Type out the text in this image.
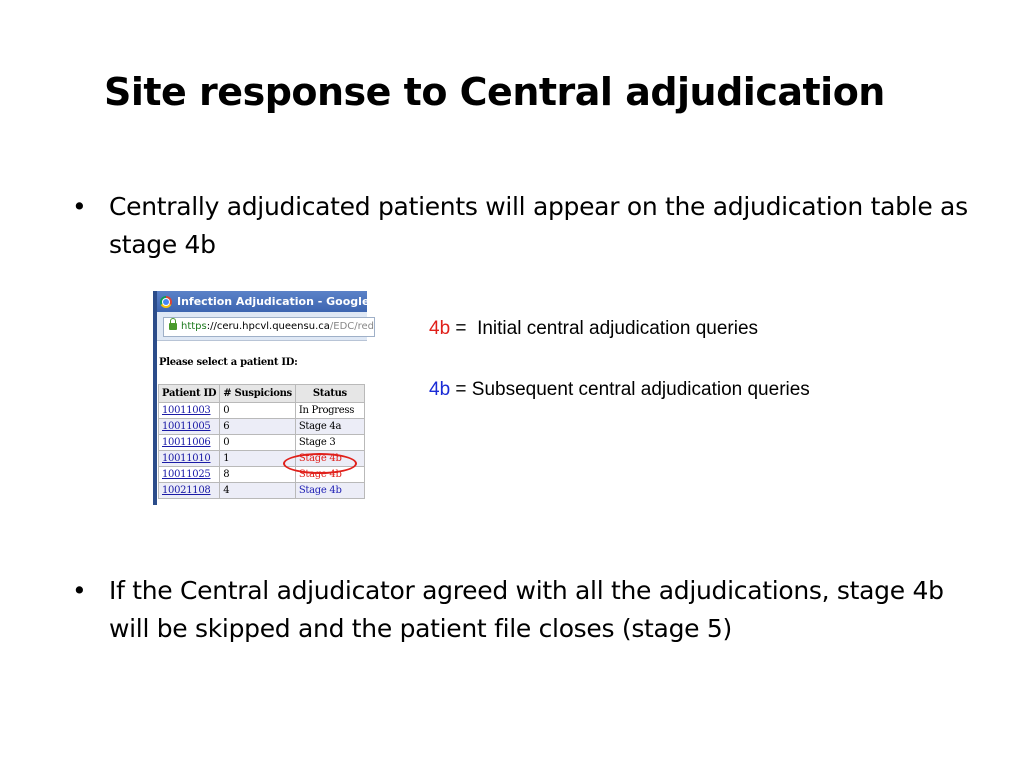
Site response to Central adjudication
• Centrally adjudicated patients will appear on the adjudication table as stage 4b
Infection Adjudication - Google
https://ceru.hpcvl.queensu.ca/EDC/red
Please select a patient ID:
Patient ID	# Suspicions	Status
10011003	0	In Progress
10011005	6	Stage 4a
10011006	0	Stage 3
10011010	1	Stage 4b
10011025	8	Stage 4b
10021108	4	Stage 4b
4b =  Initial central adjudication queries
4b = Subsequent central adjudication queries
• If the Central adjudicator agreed with all the adjudications, stage 4b will be skipped and the patient file closes (stage 5)
